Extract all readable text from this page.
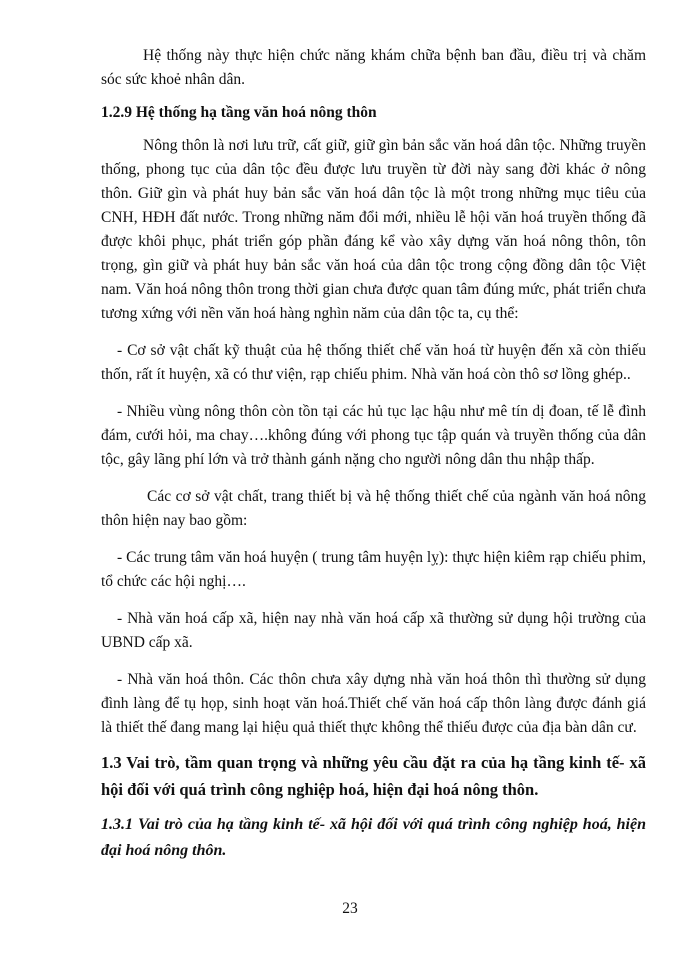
Hệ thống này thực hiện chức năng khám chữa bệnh ban đầu, điều trị và chăm sóc sức khoẻ nhân dân.

1.2.9 Hệ thống hạ tầng văn hoá nông thôn

Nông thôn là nơi lưu trữ, cất giữ, giữ gìn bản sắc văn hoá dân tộc. Những truyền thống, phong tục của dân tộc đều được lưu truyền từ đời này sang đời khác ở nông thôn. Giữ gìn và phát huy bản sắc văn hoá dân tộc là một trong những mục tiêu của CNH, HĐH đất nước. Trong những năm đổi mới, nhiều lễ hội văn hoá truyền thống đã được khôi phục, phát triển góp phần đáng kể vào xây dựng văn hoá nông thôn, tôn trọng, gìn giữ và phát huy bản sắc văn hoá của dân tộc trong cộng đồng dân tộc Việt nam. Văn hoá nông thôn trong thời gian chưa được quan tâm đúng mức, phát triển chưa tương xứng với nền văn hoá hàng nghìn năm của dân tộc ta, cụ thể:

- Cơ sở vật chất kỹ thuật của hệ thống thiết chế văn hoá từ huyện đến xã còn thiếu thốn, rất ít huyện, xã có thư viện, rạp chiếu phim. Nhà văn hoá còn thô sơ lồng ghép..

- Nhiều vùng nông thôn còn tồn tại các hủ tục lạc hậu như mê tín dị đoan, tế lễ đình đám, cưới hỏi, ma chay….không đúng với phong tục tập quán và truyền thống của dân tộc, gây lãng phí lớn và trở thành gánh nặng cho người nông dân thu nhập thấp.

Các cơ sở vật chất, trang thiết bị và hệ thống thiết chế của ngành văn hoá nông thôn hiện nay bao gồm:

- Các trung tâm văn hoá huyện ( trung tâm huyện lỵ): thực hiện kiêm rạp chiếu phim, tổ chức các hội nghị….

- Nhà văn hoá cấp xã, hiện nay nhà văn hoá cấp xã thường sử dụng hội trường của UBND cấp xã.

- Nhà văn hoá thôn. Các thôn chưa xây dựng nhà văn hoá thôn thì thường sử dụng đình làng để tụ họp, sinh hoạt văn hoá.Thiết chế văn hoá cấp thôn làng được đánh giá là thiết thế đang mang lại hiệu quả thiết thực không thể thiếu được của địa bàn dân cư.

1.3 Vai trò, tầm quan trọng và những yêu cầu đặt ra của hạ tầng kinh tế- xã hội đối với quá trình công nghiệp hoá, hiện đại hoá nông thôn.

1.3.1 Vai trò của hạ tầng kinh tế- xã hội đối với quá trình công nghiệp hoá, hiện đại hoá nông thôn.

23
